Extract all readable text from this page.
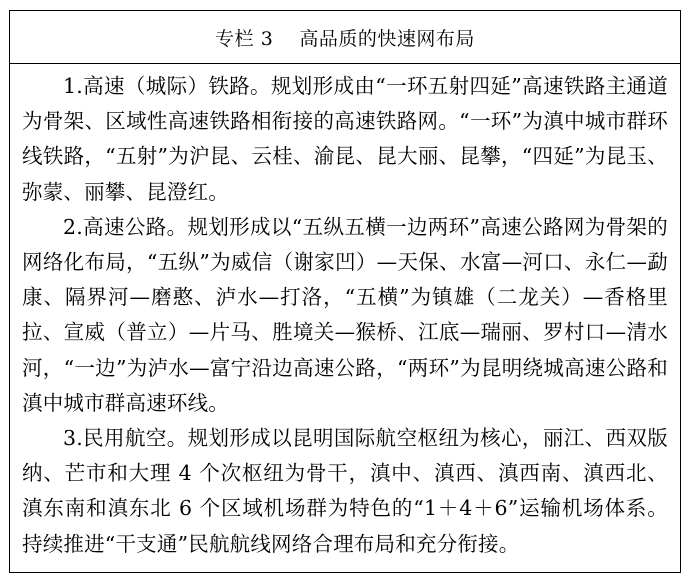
专栏 3　 高品质的快速网布局

1.高速（城际）铁路。规划形成由“一环五射四延”高速铁路主通道为骨架、区域性高速铁路相衔接的高速铁路网。“一环”为滇中城市群环线铁路，“五射”为沪昆、云桂、渝昆、昆大丽、昆攀，“四延”为昆玉、弥蒙、丽攀、昆澄红。

2.高速公路。规划形成以“五纵五横一边两环”高速公路网为骨架的网络化布局，“五纵”为威信（谢家凹）—天保、水富—河口、永仁—勐康、隔界河—磨憨、泸水—打洛，“五横”为镇雄（二龙关）—香格里拉、宣威（普立）—片马、胜境关—猴桥、江底—瑞丽、罗村口—清水河，“一边”为泸水—富宁沿边高速公路，“两环”为昆明绕城高速公路和滇中城市群高速环线。

3.民用航空。规划形成以昆明国际航空枢纽为核心，丽江、西双版纳、芒市和大理 4 个次枢纽为骨干，滇中、滇西、滇西南、滇西北、滇东南和滇东北 6 个区域机场群为特色的“1＋4＋6”运输机场体系。持续推进“干支通”民航航线网络合理布局和充分衔接。
